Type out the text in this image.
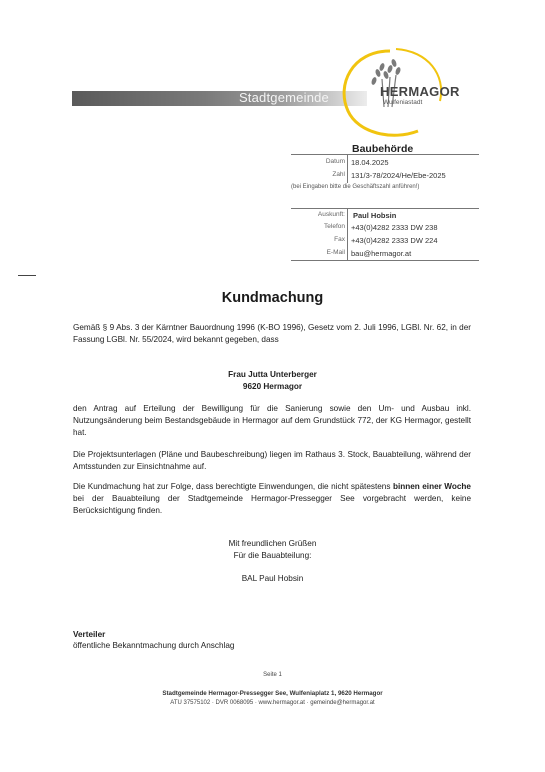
Stadtgemeinde	HERMAGOR
Wulfeniastadt
Baubehörde
Datum 18.04.2025
Zahl 131/3-78/2024/He/Ebe-2025
(bei Eingaben bitte die Geschäftszahl anführen!)
Auskunft: Paul Hobsin
Telefon +43(0)4282 2333 DW 238
Fax +43(0)4282 2333 DW 224
E-Mail bau@hermagor.at
Kundmachung
Gemäß § 9 Abs. 3 der Kärntner Bauordnung 1996 (K-BO 1996), Gesetz vom 2. Juli 1996, LGBl. Nr. 62, in der Fassung LGBl. Nr. 55/2024, wird bekannt gegeben, dass
Frau Jutta Unterberger
9620 Hermagor
den Antrag auf Erteilung der Bewilligung für die Sanierung sowie den Um- und Ausbau inkl. Nutzungsänderung beim Bestandsgebäude in Hermagor auf dem Grundstück 772, der KG Hermagor, gestellt hat.
Die Projektsunterlagen (Pläne und Baubeschreibung) liegen im Rathaus 3. Stock, Bauabteilung, während der Amtsstunden zur Einsichtnahme auf.
Die Kundmachung hat zur Folge, dass berechtigte Einwendungen, die nicht spätestens binnen einer Woche bei der Bauabteilung der Stadtgemeinde Hermagor-Pressegger See vorgebracht werden, keine Berücksichtigung finden.
Mit freundlichen Grüßen
Für die Bauabteilung:
BAL Paul Hobsin
Verteiler
öffentliche Bekanntmachung durch Anschlag
Seite 1
Stadtgemeinde Hermagor-Pressegger See, Wulfeniaplatz 1, 9620 Hermagor
ATU 37575102 · DVR 0068095 · www.hermagor.at · gemeinde@hermagor.at
